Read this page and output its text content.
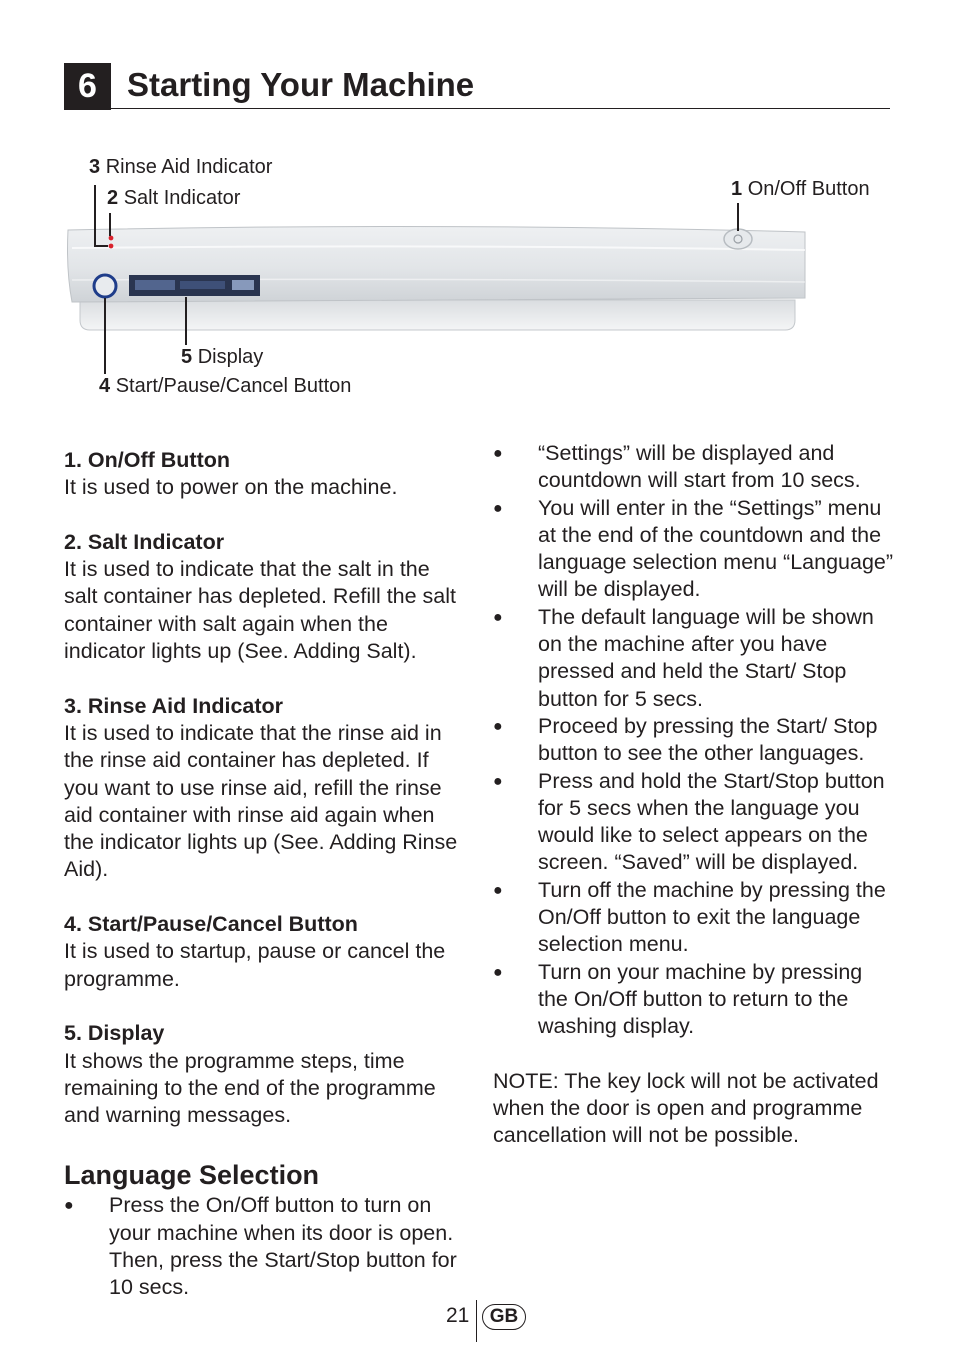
6 Starting Your Machine
3 Rinse Aid Indicator
2 Salt Indicator	1 On/Off Button
5 Display
4 Start/Pause/Cancel Button
1. On/Off Button

It is used to power on the machine.

2. Salt Indicator

It is used to indicate that the salt in the salt container has depleted. Refill the salt container with salt again when the indicator lights up (See. Adding Salt).

3. Rinse Aid Indicator

It is used to indicate that the rinse aid in the rinse aid container has depleted. If you want to use rinse aid, refill the rinse aid container with rinse aid again when the indicator lights up (See. Adding Rinse Aid).

4. Start/Pause/Cancel Button

It is used to startup, pause or cancel the programme.

5. Display

It shows the programme steps, time remaining to the end of the programme and warning messages.

Language Selection
● Press the On/Off button to turn on your machine when its door is open. Then, press the Start/Stop button for 10 secs.
● “Settings” will be displayed and countdown will start from 10 secs.
● You will enter in the “Settings” menu at the end of the countdown and the language selection menu “Language” will be displayed.
● The default language will be shown on the machine after you have pressed and held the Start/ Stop button for 5 secs.
● Proceed by pressing the Start/ Stop button to see the other languages.
● Press and hold the Start/Stop button for 5 secs when the language you would like to select appears on the screen. “Saved” will be displayed.
● Turn off the machine by pressing the On/Off button to exit the language selection menu.
● Turn on your machine by pressing the On/Off button to return to the washing display.

NOTE: The key lock will not be activated when the door is open and programme cancellation will not be possible.

21 GB
